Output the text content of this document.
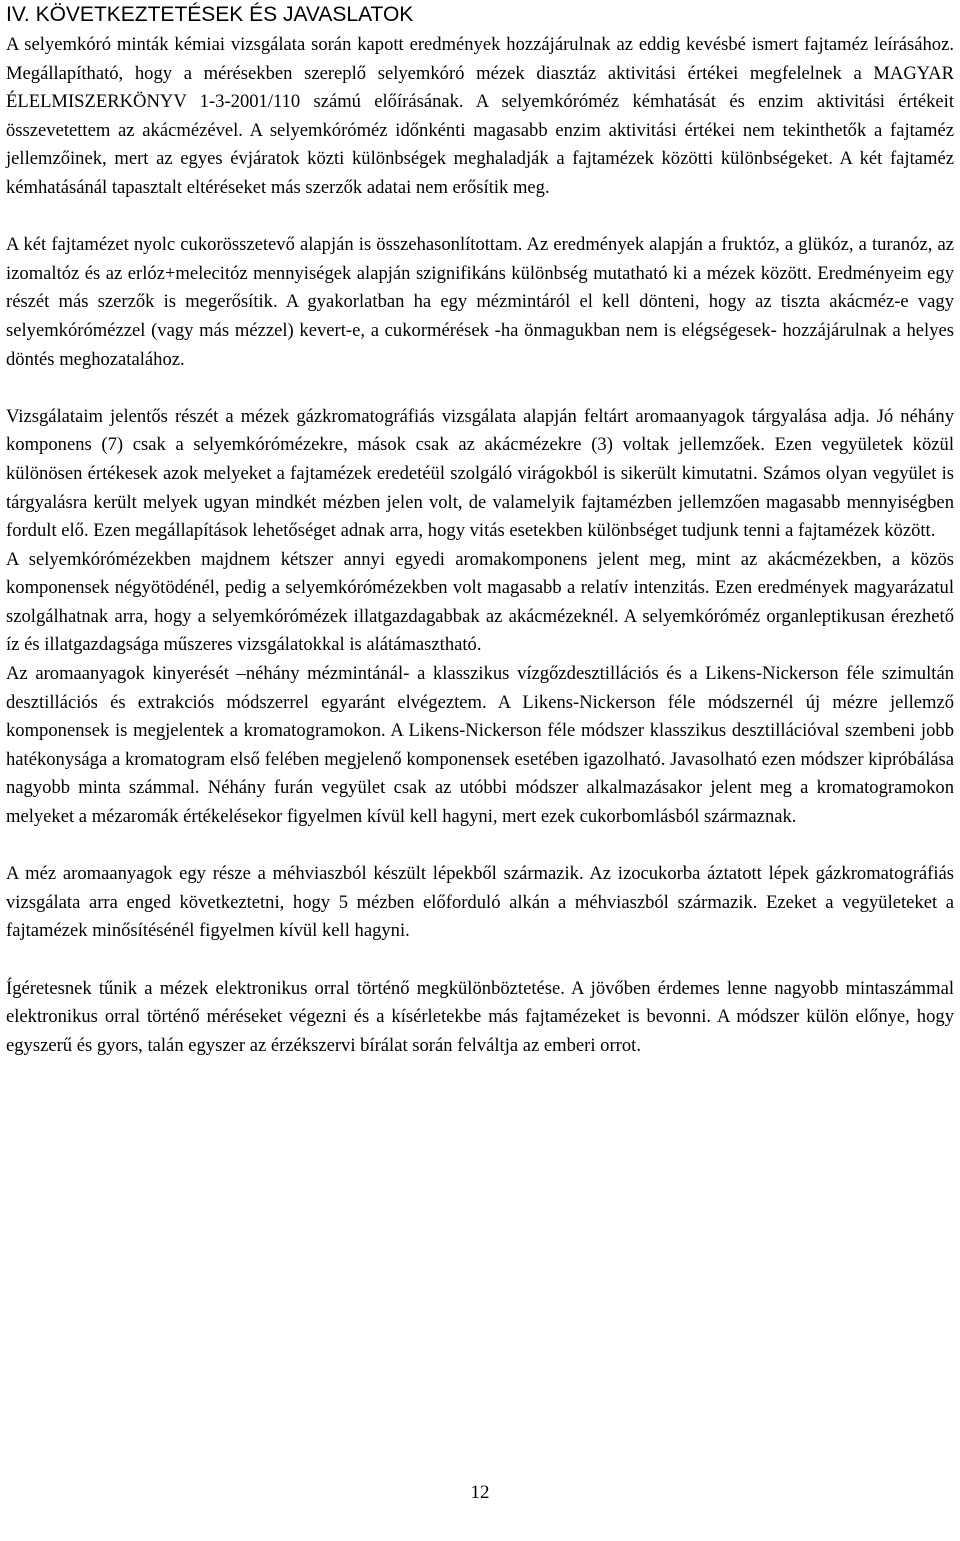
IV. KÖVETKEZTETÉSEK ÉS JAVASLATOK

A selyemkóró minták kémiai vizsgálata során kapott eredmények hozzájárulnak az eddig kevésbé ismert fajtaméz leírásához. Megállapítható, hogy a mérésekben szereplő selyemkóró mézek diasztáz aktivitási értékei megfelelnek a MAGYAR ÉLELMISZERKÖNYV 1-3-2001/110 számú előírásának. A selyemkóróméz kémhatását és enzim aktivitási értékeit összevetettem az akácmézével. A selyemkóróméz időnkénti magasabb enzim aktivitási értékei nem tekinthetők a fajtaméz jellemzőinek, mert az egyes évjáratok közti különbségek meghaladják a fajtamézek közötti különbségeket. A két fajtaméz kémhatásánál tapasztalt eltéréseket más szerzők adatai nem erősítik meg.

A két fajtamézet nyolc cukorösszetevő alapján is összehasonlítottam. Az eredmények alapján a fruktóz, a glükóz, a turanóz, az izomaltóz és az erlóz+melecitóz mennyiségek alapján szignifikáns különbség mutatható ki a mézek között. Eredményeim egy részét más szerzők is megerősítik. A gyakorlatban ha egy mézmintáról el kell dönteni, hogy az tiszta akácméz-e vagy selyemkórómézzel (vagy más mézzel) kevert-e, a cukormérések -ha önmagukban nem is elégségesek- hozzájárulnak a helyes döntés meghozatalához.

Vizsgálataim jelentős részét a mézek gázkromatográfiás vizsgálata alapján feltárt aromaanyagok tárgyalása adja. Jó néhány komponens (7) csak a selyemkórómézekre, mások csak az akácmézekre (3) voltak jellemzőek. Ezen vegyületek közül különösen értékesek azok melyeket a fajtamézek eredetéül szolgáló virágokból is sikerült kimutatni. Számos olyan vegyület is tárgyalásra került melyek ugyan mindkét mézben jelen volt, de valamelyik fajtamézben jellemzően magasabb mennyiségben fordult elő. Ezen megállapítások lehetőséget adnak arra, hogy vitás esetekben különbséget tudjunk tenni a fajtamézek között.

A selyemkórómézekben majdnem kétszer annyi egyedi aromakomponens jelent meg, mint az akácmézekben, a közös komponensek négyötödénél, pedig a selyemkórómézekben volt magasabb a relatív intenzitás. Ezen eredmények magyarázatul szolgálhatnak arra, hogy a selyemkórómézek illatgazdagabbak az akácmézeknél. A selyemkóróméz organleptikusan érezhető íz és illatgazdagsága műszeres vizsgálatokkal is alátámasztható.

Az aromaanyagok kinyerését –néhány mézmintánál- a klasszikus vízgőzdesztillációs és a Likens-Nickerson féle szimultán desztillációs és extrakciós módszerrel egyaránt elvégeztem. A Likens-Nickerson féle módszernél új mézre jellemző komponensek is megjelentek a kromatogramokon. A Likens-Nickerson féle módszer klasszikus desztillációval szembeni jobb hatékonysága a kromatogram első felében megjelenő komponensek esetében igazolható. Javasolható ezen módszer kipróbálása nagyobb minta számmal. Néhány furán vegyület csak az utóbbi módszer alkalmazásakor jelent meg a kromatogramokon melyeket a mézaromák értékelésekor figyelmen kívül kell hagyni, mert ezek cukorbomlásból származnak.

A méz aromaanyagok egy része a méhviaszból készült lépekből származik. Az izocukorba áztatott lépek gázkromatográfiás vizsgálata arra enged következtetni, hogy 5 mézben előforduló alkán a méhviaszból származik. Ezeket a vegyületeket a fajtamézek minősítésénél figyelmen kívül kell hagyni.

Ígéretesnek tűnik a mézek elektronikus orral történő megkülönböztetése. A jövőben érdemes lenne nagyobb mintaszámmal elektronikus orral történő méréseket végezni és a kísérletekbe más fajtamézeket is bevonni. A módszer külön előnye, hogy egyszerű és gyors, talán egyszer az érzékszervi bírálat során felváltja az emberi orrot.

12
